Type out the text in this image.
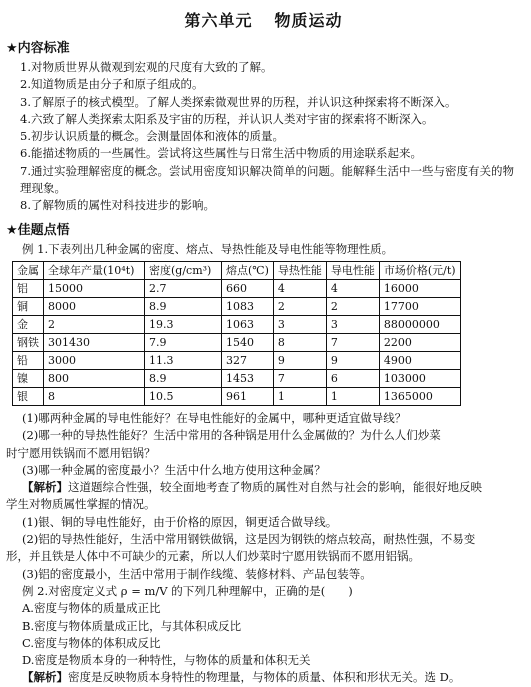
第六单元 物质运动
★内容标准
1.对物质世界从微观到宏观的尺度有大致的了解。
2.知道物质是由分子和原子组成的。
3.了解原子的核式模型。了解人类探索微观世界的历程，并认识这种探索将不断深入。
4.六致了解人类探索太阳系及宇宙的历程，并认识人类对宇宙的探索将不断深入。
5.初步认识质量的概念。会测量固体和液体的质量。
6.能描述物质的一些属性。尝试将这些属性与日常生活中物质的用途联系起来。
7.通过实验理解密度的概念。尝试用密度知识解决简单的问题。能解释生活中一些与密度有关的物理现象。
8.了解物质的属性对科技进步的影响。
★佳题点悟

例 1.下表列出几种金属的密度、熔点、导热性能及导电性能等物理性质。

金属	全球年产量(10⁴t)	密度(g/cm³)	熔点(℃)	导热性能	导电性能	市场价格(元/t)
铝	15000	2.7	660	4	4	16000
铜	8000	8.9	1083	2	2	17700
金	2	19.3	1063	3	3	88000000
钢铁	301430	7.9	1540	8	7	2200
铅	3000	11.3	327	9	9	4900
镍	800	8.9	1453	7	6	103000
银	8	10.5	961	1	1	1365000

(1)哪两种金属的导电性能好？在导电性能好的金属中，哪种更适宜做导线？

(2)哪一种的导热性能好？生活中常用的各种锅是用什么金属做的？为什么人们炒菜

时宁愿用铁锅而不愿用铝锅？

(3)哪一种金属的密度最小？生活中什么地方使用这种金属？

【解析】这道题综合性强，较全面地考查了物质的属性对自然与社会的影响，能很好地反映

学生对物质属性掌握的情况。

(1)银、铜的导电性能好，由于价格的原因，铜更适合做导线。

(2)铝的导热性能好，生活中常用钢铁做锅，这是因为钢铁的熔点较高，耐热性强，不易变

形，并且铁是人体中不可缺少的元素，所以人们炒菜时宁愿用铁锅而不愿用铝锅。

(3)铝的密度最小，生活中常用于制作线缆、装修材料、产品包装等。

例 2.对密度定义式 ρ = m/V 的下列几种理解中，正确的是(　　)

A.密度与物体的质量成正比

B.密度与物体质量成正比，与其体积成反比

C.密度与物体的体积成反比

D.密度是物质本身的一种特性，与物体的质量和体积无关

【解析】密度是反映物质本身特性的物理量，与物体的质量、体积和形状无关。选 D。
